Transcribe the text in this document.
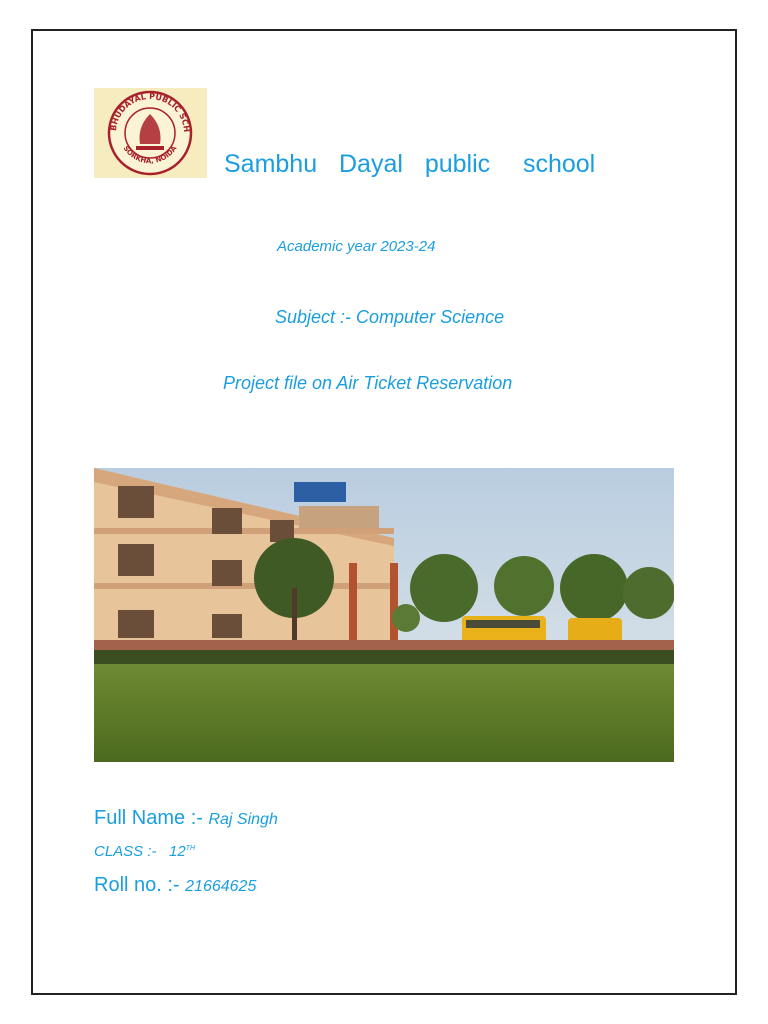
BHUDAYAL PUBLIC SCH
SORKHA, NOIDA
Sambhu  Dayal  public   school
Academic year 2023-24
Subject :- Computer Science
Project file on Air Ticket Reservation
Full Name :- Raj Singh
CLASS :- 12TH
Roll no. :- 21664625
